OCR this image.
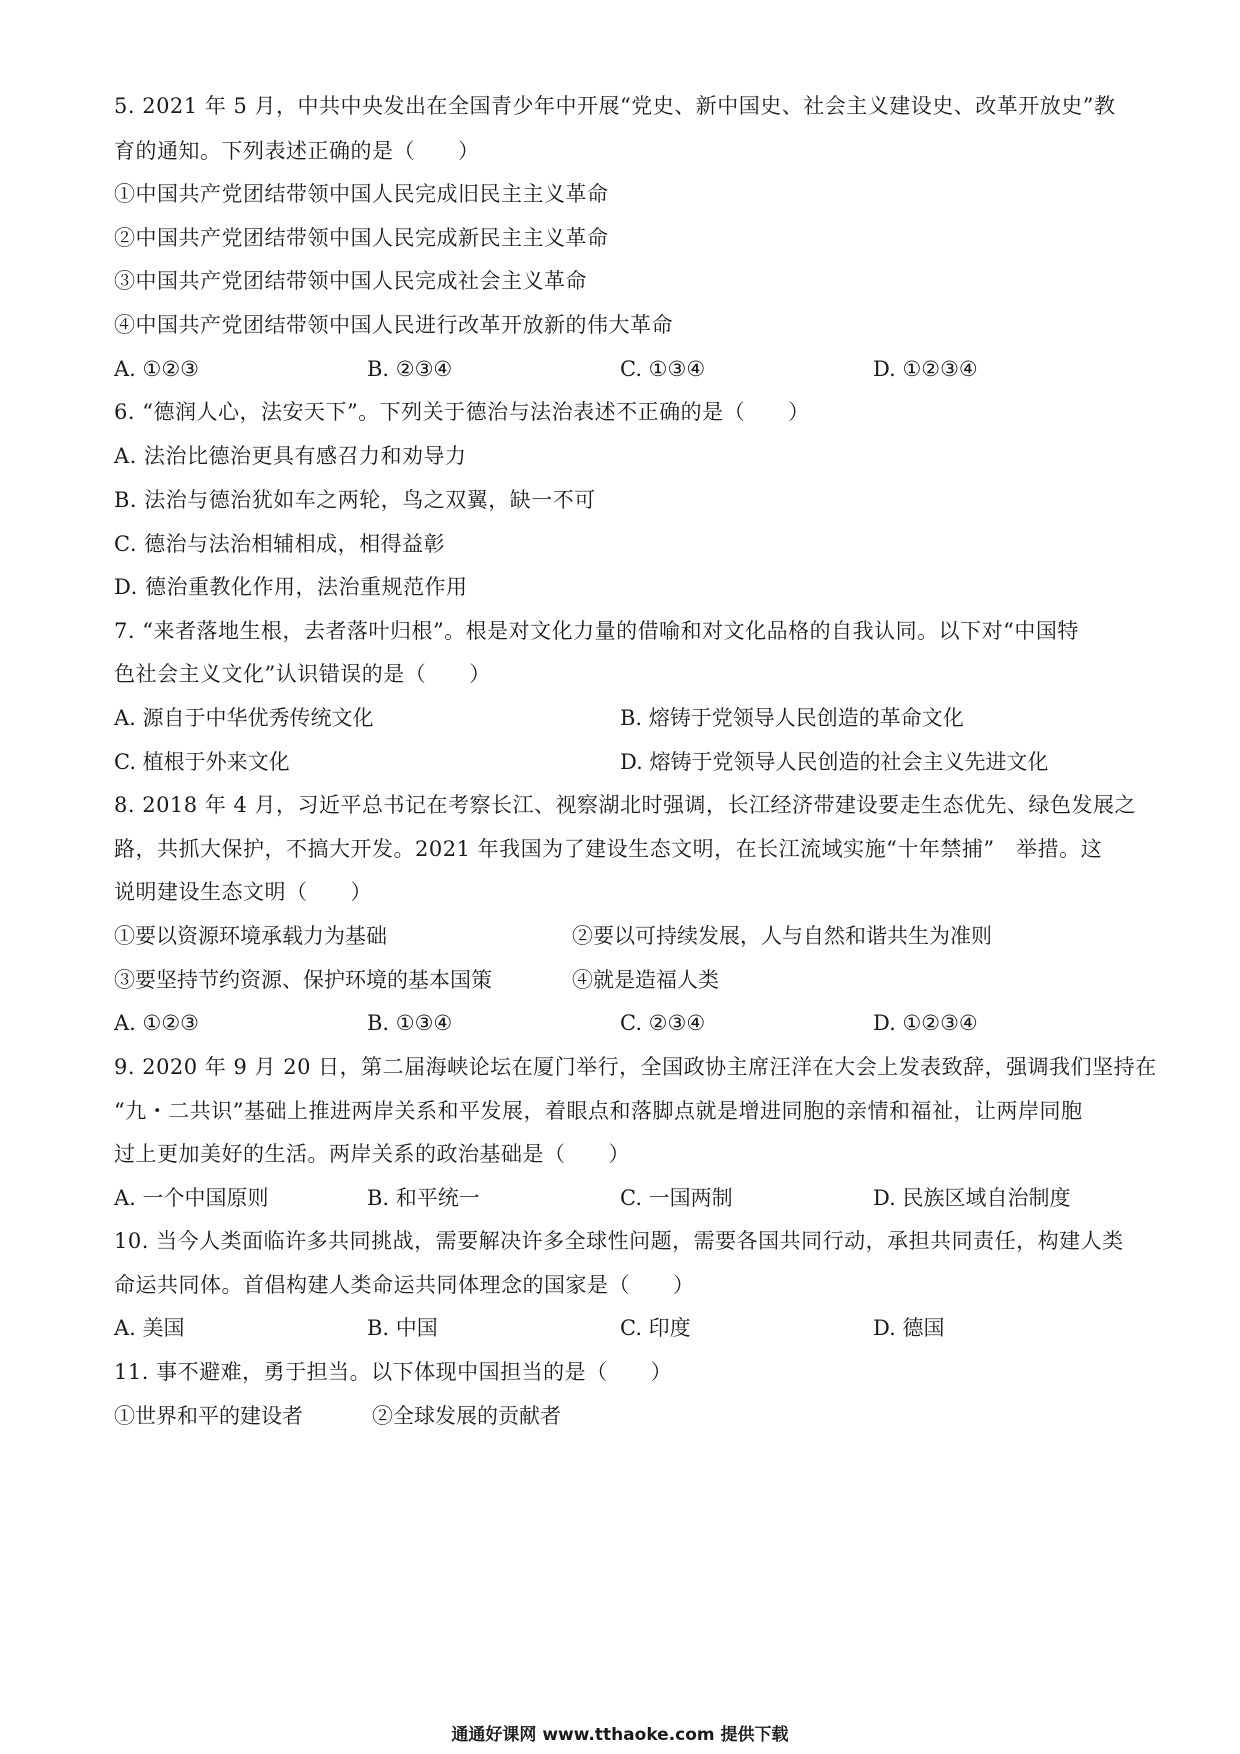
5. 2021 年 5 月，中共中央发出在全国青少年中开展“党史、新中国史、社会主义建设史、改革开放史”教
育的通知。下列表述正确的是（　　）
①中国共产党团结带领中国人民完成旧民主主义革命
②中国共产党团结带领中国人民完成新民主主义革命
③中国共产党团结带领中国人民完成社会主义革命
④中国共产党团结带领中国人民进行改革开放新的伟大革命
A. ①②③	B. ②③④	C. ①③④	D. ①②③④
6. “德润人心，法安天下”。下列关于德治与法治表述不正确的是（　　）
A. 法治比德治更具有感召力和劝导力
B. 法治与德治犹如车之两轮，鸟之双翼，缺一不可
C. 德治与法治相辅相成，相得益彰
D. 德治重教化作用，法治重规范作用
7. “来者落地生根，去者落叶归根”。根是对文化力量的借喻和对文化品格的自我认同。以下对“中国特
色社会主义文化”认识错误的是（　　）
A. 源自于中华优秀传统文化	B. 熔铸于党领导人民创造的革命文化
C. 植根于外来文化	D. 熔铸于党领导人民创造的社会主义先进文化
8. 2018 年 4 月，习近平总书记在考察长江、视察湖北时强调，长江经济带建设要走生态优先、绿色发展之
路，共抓大保护，不搞大开发。2021 年我国为了建设生态文明，在长江流域实施“十年禁捕”　举措。这
说明建设生态文明（　　）
①要以资源环境承载力为基础	②要以可持续发展，人与自然和谐共生为准则
③要坚持节约资源、保护环境的基本国策	④就是造福人类
A. ①②③	B. ①③④	C. ②③④	D. ①②③④
9. 2020 年 9 月 20 日，第二届海峡论坛在厦门举行，全国政协主席汪洋在大会上发表致辞，强调我们坚持在
“九・二共识”基础上推进两岸关系和平发展，着眼点和落脚点就是增进同胞的亲情和福祉，让两岸同胞
过上更加美好的生活。两岸关系的政治基础是（　　）
A. 一个中国原则	B. 和平统一	C. 一国两制	D. 民族区域自治制度
10. 当今人类面临许多共同挑战，需要解决许多全球性问题，需要各国共同行动，承担共同责任，构建人类
命运共同体。首倡构建人类命运共同体理念的国家是（　　）
A. 美国	B. 中国	C. 印度	D. 德国
11. 事不避难，勇于担当。以下体现中国担当的是（　　）
①世界和平的建设者	②全球发展的贡献者
通通好课网 www.tthaoke.com 提供下载
